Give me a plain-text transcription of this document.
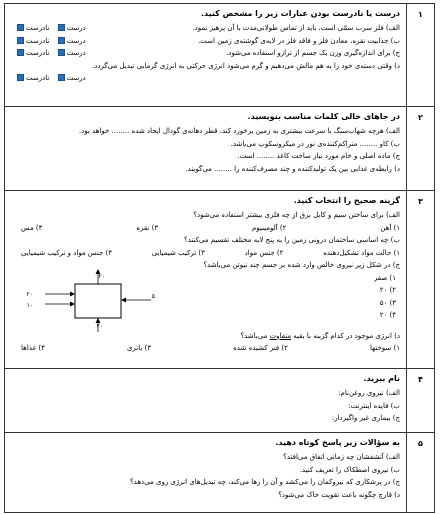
۱
درست یا نادرست بودن عبارات زیر را مشخص کنید.
الف) فلز سرب سمّی است، باید از تماس طولانی‌مدت با آن پرهیز نمود.
نادرست درست
ب) جذابیت نقره، معادن فلز و فاقد فلز در لایه‌ی گوشته‌ی زمین است.
نادرست درست
ج) برای اندازه‌گیری وزن یک جسم از ترازو استفاده می‌شود.
نادرست درست
د) وقتی دسته‌ی خود را به هم مالش می‌دهیم و گرم می‌شود انرژی حرکتی به انرژی گرمایی تبدیل می‌گردد.
نادرست درست
۲
در جاهای خالی کلمات مناسب بنویسید.
الف) هرچه شهاب‌سنگ با سرعت بیشتری به زمین برخورد کند، قطر دهانه‌ی گودال ایجاد شده ........ خواهد بود.
ب) کاو ........ متراکم‌کننده‌ی نور در میکروسکوپ می‌باشد.
ج) ماده اصلی و خام مورد نیاز ساخت کاغذ ........ است.
د) رابطه‌ی غذایی بین یک تولیدکننده و چند مصرف‌کننده را ........ می‌گویند.
۳
گزینه صحیح را انتخاب کنید.
الف) برای ساختن سیم و کابل برق از چه فلزی بیشتر استفاده می‌شود؟
۱) آهن
۲) آلومینیوم
۳) نقره
۴) مس
ب) چه اساسی ساختمان درونی زمین را به پنج لایه مختلف تقسیم می‌کنند؟
۱) حالت مواد تشکیل‌دهنده
۲) جنس مواد
۳) ترکیب شیمیایی
۴) جنس مواد و ترکیب شیمیایی
ج) در شکل زیر نیروی خالص وارد شده بر جسم چند نیوتن می‌باشد؟
۱) صفر
۲) ۲۰
۳) ۵۰
۴) ۲۰
۲۰
۲۰
۱۰
۵
۲۰
د) انرژی موجود در کدام گزینه با بقیه متفاوت می‌باشد؟
۱) سوختها
۲) فنر کشیده شده
۳) باتری
۴) غذاها
۴
نام ببرید.
الف) نیروی روغن‌نام:
ب) فایده اینترنت:
ج) بیماری غیر واگیردار:
۵
به سؤالات زیر پاسخ کوتاه دهید.
الف) آتشفشان چه زمانی اتفاق می‌افتد؟
ب) نیروی اصطکاک را تعریف کنید.
ج) در پرشکاری که نیروکمان را می‌کشد و آن را رها می‌کند، چه تبدیل‌های انرژی روی می‌دهد؟
د) قارچ چگونه باعث تقویت خاک می‌شود؟
